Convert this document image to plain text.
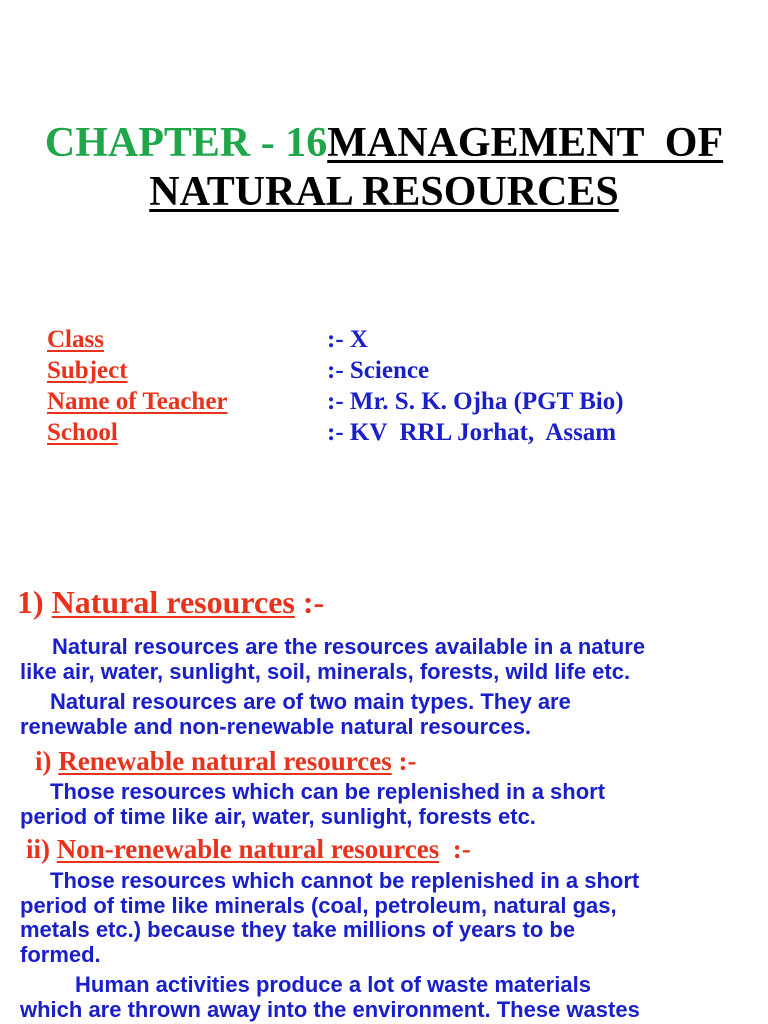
CHAPTER - 16MANAGEMENT  OF
NATURAL RESOURCES
Class	:- X
Subject	:- Science
Name of Teacher	:- Mr. S. K. Ojha (PGT Bio)
School	:- KV  RRL Jorhat,  Assam
1) Natural resources :-
Natural resources are the resources available in a nature
like air, water, sunlight, soil, minerals, forests, wild life etc.
Natural resources are of two main types. They are
renewable and non-renewable natural resources.
i) Renewable natural resources :-
Those resources which can be replenished in a short
period of time like air, water, sunlight, forests etc.
ii) Non-renewable natural resources :-
Those resources which cannot be replenished in a short
period of time like minerals (coal, petroleum, natural gas,
metals etc.) because they take millions of years to be
formed.
Human activities produce a lot of waste materials
which are thrown away into the environment. These wastes
